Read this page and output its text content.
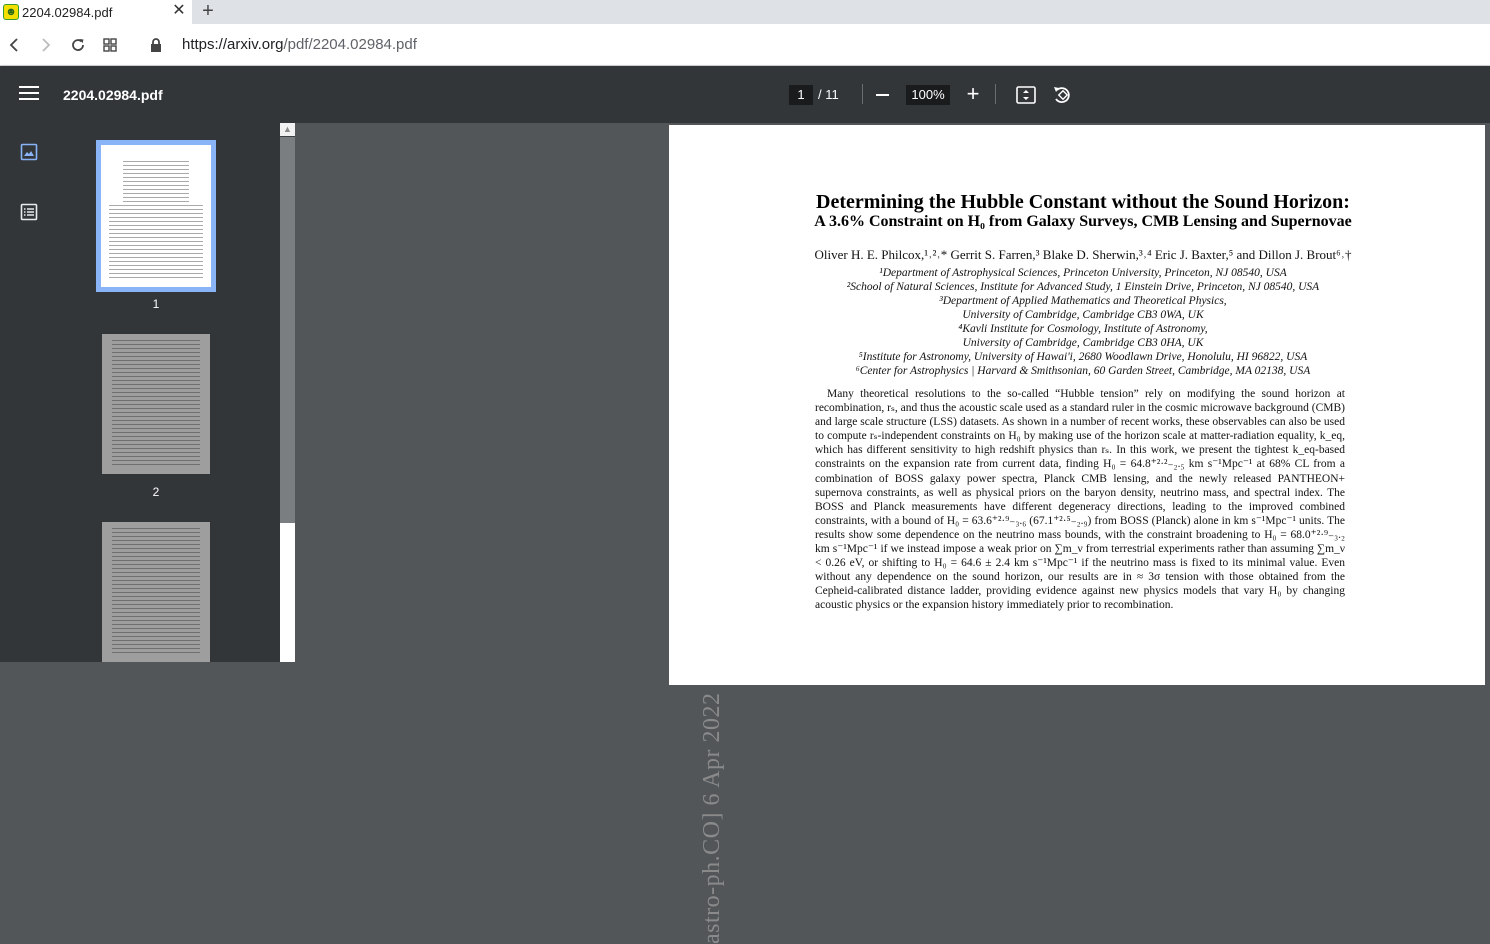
☻ 2204.02984.pdf	✕ +
https://arxiv.org/pdf/2204.02984.pdf
2204.02984.pdf	1	/ 11	100% +
1
2
▲
astro-ph.CO] 6 Apr 2022
Determining the Hubble Constant without the Sound Horizon:
A 3.6% Constraint on H₀ from Galaxy Surveys, CMB Lensing and Supernovae
Oliver H. E. Philcox,¹˒²˒* Gerrit S. Farren,³ Blake D. Sherwin,³˒⁴ Eric J. Baxter,⁵ and Dillon J. Brout⁶˒†
¹Department of Astrophysical Sciences, Princeton University, Princeton, NJ 08540, USA
²School of Natural Sciences, Institute for Advanced Study, 1 Einstein Drive, Princeton, NJ 08540, USA
³Department of Applied Mathematics and Theoretical Physics,
University of Cambridge, Cambridge CB3 0WA, UK
⁴Kavli Institute for Cosmology, Institute of Astronomy,
University of Cambridge, Cambridge CB3 0HA, UK
⁵Institute for Astronomy, University of Hawai'i, 2680 Woodlawn Drive, Honolulu, HI 96822, USA
⁶Center for Astrophysics | Harvard & Smithsonian, 60 Garden Street, Cambridge, MA 02138, USA

Many theoretical resolutions to the so-called “Hubble tension” rely on modifying the sound horizon at recombination, rₛ, and thus the acoustic scale used as a standard ruler in the cosmic microwave background (CMB) and large scale structure (LSS) datasets. As shown in a number of recent works, these observables can also be used to compute rₛ-independent constraints on H₀ by making use of the horizon scale at matter-radiation equality, k_eq, which has different sensitivity to high redshift physics than rₛ. In this work, we present the tightest k_eq-based constraints on the expansion rate from current data, finding H₀ = 64.8⁺²·²₋₂.₅ km s⁻¹Mpc⁻¹ at 68% CL from a combination of BOSS galaxy power spectra, Planck CMB lensing, and the newly released PANTHEON+ supernova constraints, as well as physical priors on the baryon density, neutrino mass, and spectral index. The BOSS and Planck measurements have different degeneracy directions, leading to the improved combined constraints, with a bound of H₀ = 63.6⁺²·⁹₋₃.₆ (67.1⁺²·⁵₋₂.₉) from BOSS (Planck) alone in km s⁻¹Mpc⁻¹ units. The results show some dependence on the neutrino mass bounds, with the constraint broadening to H₀ = 68.0⁺²·⁹₋₃.₂ km s⁻¹Mpc⁻¹ if we instead impose a weak prior on ∑m_ν from terrestrial experiments rather than assuming ∑m_ν < 0.26 eV, or shifting to H₀ = 64.6 ± 2.4 km s⁻¹Mpc⁻¹ if the neutrino mass is fixed to its minimal value. Even without any dependence on the sound horizon, our results are in ≈ 3σ tension with those obtained from the Cepheid-calibrated distance ladder, providing evidence against new physics models that vary H₀ by changing acoustic physics or the expansion history immediately prior to recombination.
